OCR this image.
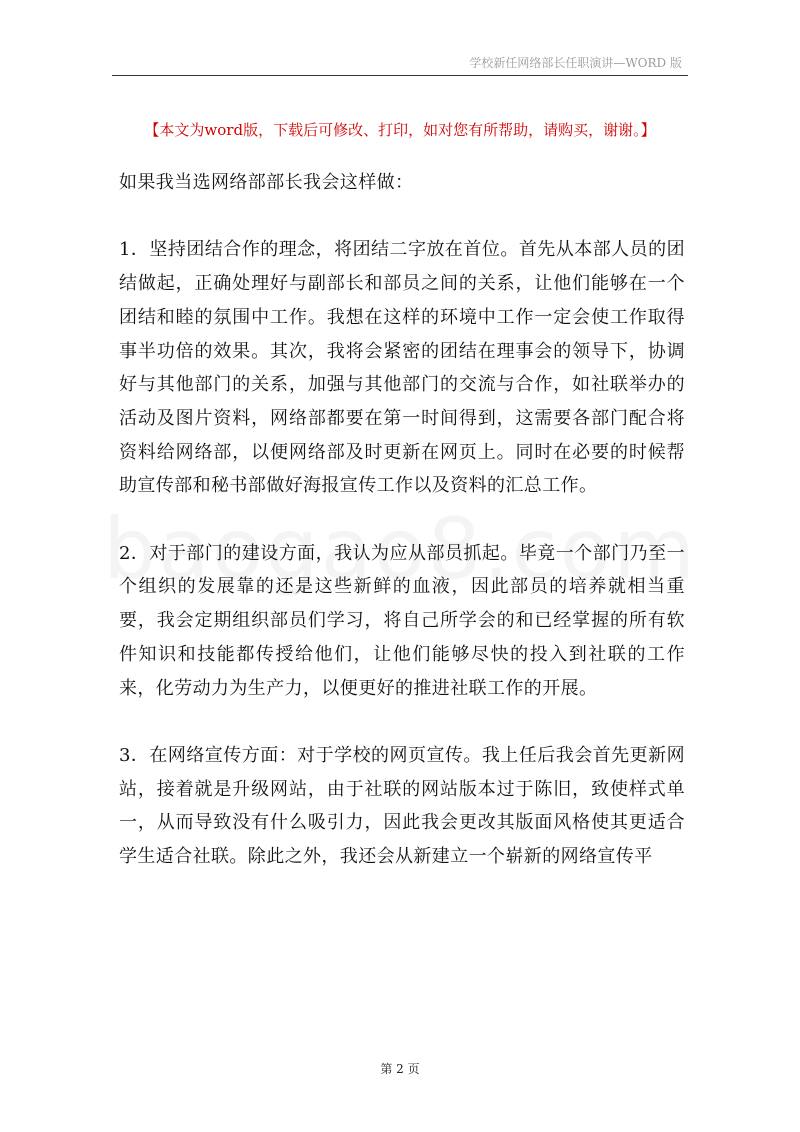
学校新任网络部长任职演讲—WORD 版
【本文为word版，下载后可修改、打印，如对您有所帮助，请购买，谢谢。】

如果我当选网络部部长我会这样做：

1．坚持团结合作的理念，将团结二字放在首位。首先从本部人员的团结做起，正确处理好与副部长和部员之间的关系，让他们能够在一个团结和睦的氛围中工作。我想在这样的环境中工作一定会使工作取得事半功倍的效果。其次，我将会紧密的团结在理事会的领导下，协调好与其他部门的关系，加强与其他部门的交流与合作，如社联举办的活动及图片资料，网络部都要在第一时间得到，这需要各部门配合将资料给网络部，以便网络部及时更新在网页上。同时在必要的时候帮助宣传部和秘书部做好海报宣传工作以及资料的汇总工作。

2．对于部门的建设方面，我认为应从部员抓起。毕竟一个部门乃至一个组织的发展靠的还是这些新鲜的血液，因此部员的培养就相当重要，我会定期组织部员们学习，将自己所学会的和已经掌握的所有软件知识和技能都传授给他们，让他们能够尽快的投入到社联的工作来，化劳动力为生产力，以便更好的推进社联工作的开展。

3．在网络宣传方面：对于学校的网页宣传。我上任后我会首先更新网站，接着就是升级网站，由于社联的网站版本过于陈旧，致使样式单一，从而导致没有什么吸引力，因此我会更改其版面风格使其更适合学生适合社联。除此之外，我还会从新建立一个崭新的网络宣传平

第 2 页
